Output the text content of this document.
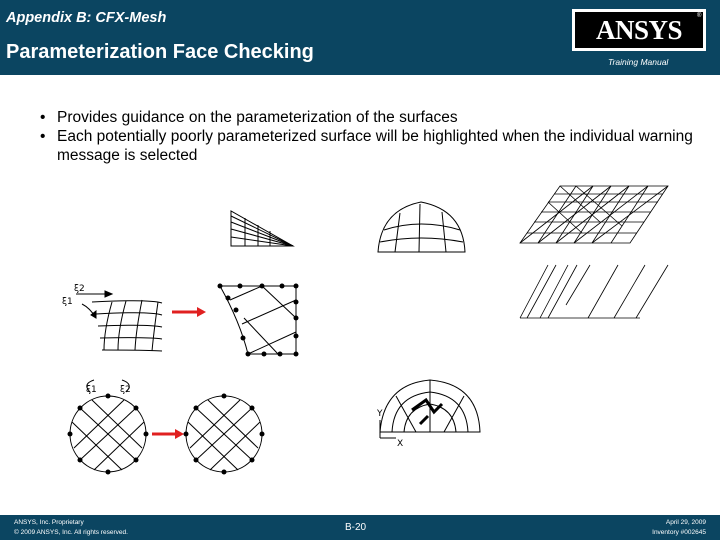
Appendix B: CFX-Mesh
Parameterization Face Checking
ANSYS	®
Training Manual
• Provides guidance on the parameterization of the surfaces
• Each potentially poorly parameterized surface will be highlighted when the individual warning message is selected
ξ2
ξ1
ξ1	ξ2
Y
X
ANSYS, Inc. Proprietary
© 2009 ANSYS, Inc. All rights reserved.	B-20	April 29, 2009
Inventory #002645
